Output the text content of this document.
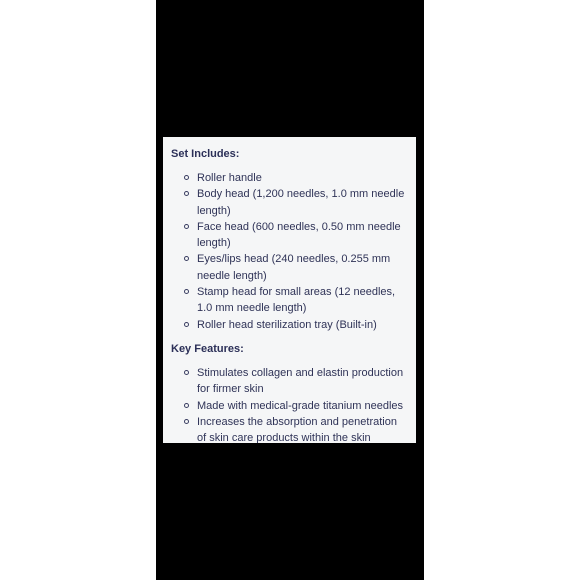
Set Includes:
Roller handle
Body head (1,200 needles, 1.0 mm needle length)
Face head (600 needles, 0.50 mm needle length)
Eyes/lips head (240 needles, 0.255 mm needle length)
Stamp head for small areas (12 needles, 1.0 mm needle length)
Roller head sterilization tray (Built-in)
Key Features:
Stimulates collagen and elastin production for firmer skin
Made with medical-grade titanium needles
Increases the absorption and penetration of skin care products within the skin
